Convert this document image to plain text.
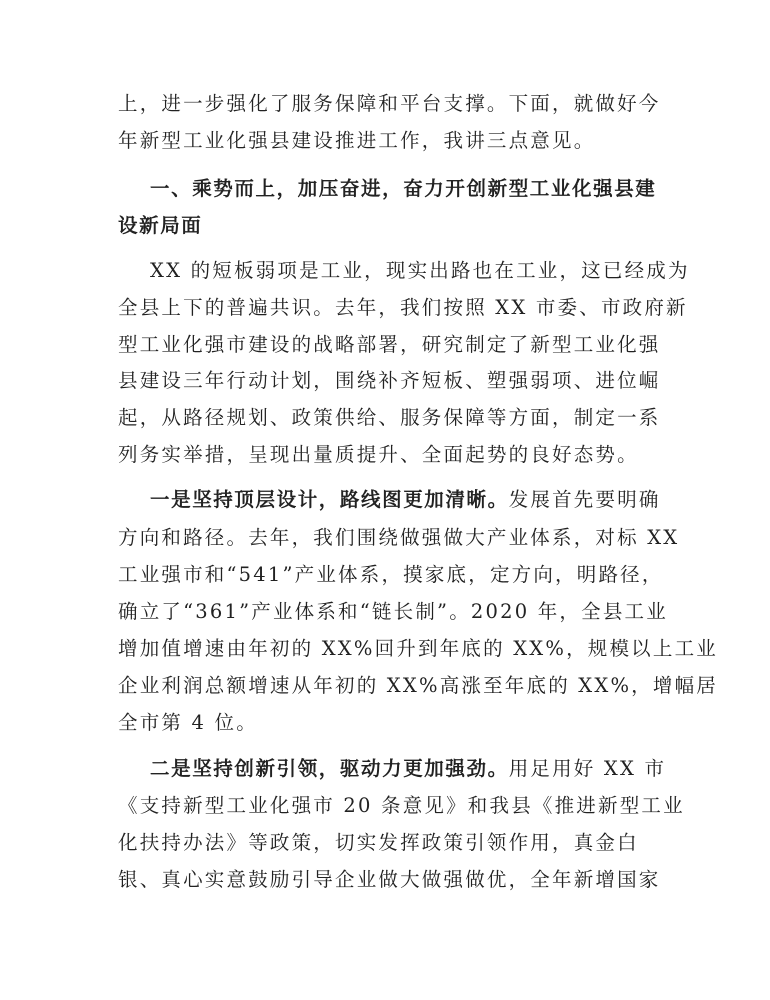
上，进一步强化了服务保障和平台支撑。下面，就做好今
年新型工业化强县建设推进工作，我讲三点意见。
一、乘势而上，加压奋进，奋力开创新型工业化强县建
设新局面
XX 的短板弱项是工业，现实出路也在工业，这已经成为
全县上下的普遍共识。去年，我们按照 XX 市委、市政府新
型工业化强市建设的战略部署，研究制定了新型工业化强
县建设三年行动计划，围绕补齐短板、塑强弱项、进位崛
起，从路径规划、政策供给、服务保障等方面，制定一系
列务实举措，呈现出量质提升、全面起势的良好态势。
一是坚持顶层设计，路线图更加清晰。发展首先要明确
方向和路径。去年，我们围绕做强做大产业体系，对标 XX
工业强市和“541”产业体系，摸家底，定方向，明路径，
确立了“361”产业体系和“链长制”。2020 年，全县工业
增加值增速由年初的 XX%回升到年底的 XX%，规模以上工业
企业利润总额增速从年初的 XX%高涨至年底的 XX%，增幅居
全市第 4 位。
二是坚持创新引领，驱动力更加强劲。用足用好 XX 市
《支持新型工业化强市 20 条意见》和我县《推进新型工业
化扶持办法》等政策，切实发挥政策引领作用，真金白
银、真心实意鼓励引导企业做大做强做优，全年新增国家
